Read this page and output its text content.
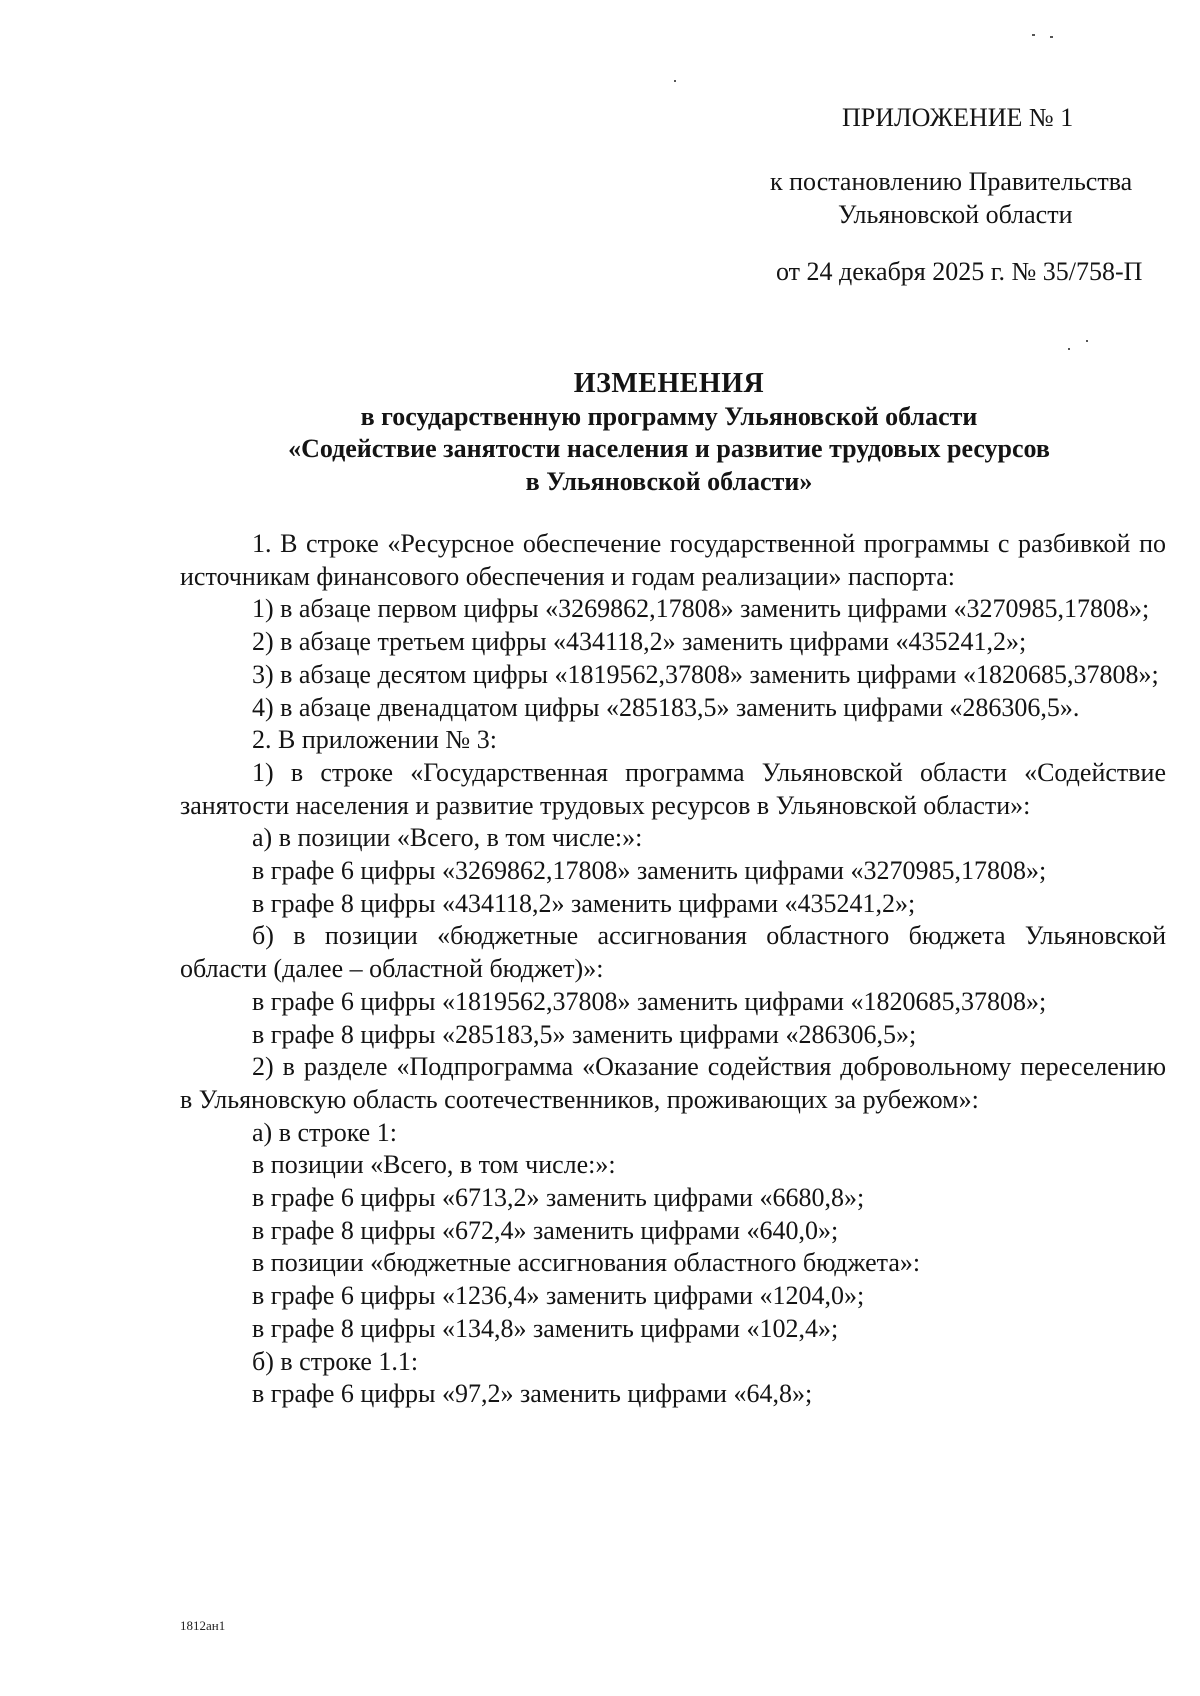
ПРИЛОЖЕНИЕ № 1
к постановлению Правительства
Ульяновской области
от 24 декабря 2025 г. № 35/758-П
ИЗМЕНЕНИЯ
в государственную программу Ульяновской области
«Содействие занятости населения и развитие трудовых ресурсов
в Ульяновской области»

1. В строке «Ресурсное обеспечение государственной программы с разбивкой по источникам финансового обеспечения и годам реализации» паспорта:

1) в абзаце первом цифры «3269862,17808» заменить цифрами «3270985,17808»;

2) в абзаце третьем цифры «434118,2» заменить цифрами «435241,2»;

3) в абзаце десятом цифры «1819562,37808» заменить цифрами «1820685,37808»;

4) в абзаце двенадцатом цифры «285183,5» заменить цифрами «286306,5».

2. В приложении № 3:

1) в строке «Государственная программа Ульяновской области «Содействие занятости населения и развитие трудовых ресурсов в Ульяновской области»:

а) в позиции «Всего, в том числе:»:

в графе 6 цифры «3269862,17808» заменить цифрами «3270985,17808»;

в графе 8 цифры «434118,2» заменить цифрами «435241,2»;

б) в позиции «бюджетные ассигнования областного бюджета Ульяновской области (далее – областной бюджет)»:

в графе 6 цифры «1819562,37808» заменить цифрами «1820685,37808»;

в графе 8 цифры «285183,5» заменить цифрами «286306,5»;

2) в разделе «Подпрограмма «Оказание содействия добровольному переселению в Ульяновскую область соотечественников, проживающих за рубежом»:

а) в строке 1:

в позиции «Всего, в том числе:»:

в графе 6 цифры «6713,2» заменить цифрами «6680,8»;

в графе 8 цифры «672,4» заменить цифрами «640,0»;

в позиции «бюджетные ассигнования областного бюджета»:

в графе 6 цифры «1236,4» заменить цифрами «1204,0»;

в графе 8 цифры «134,8» заменить цифрами «102,4»;

б) в строке 1.1:

в графе 6 цифры «97,2» заменить цифрами «64,8»;

1812ан1
